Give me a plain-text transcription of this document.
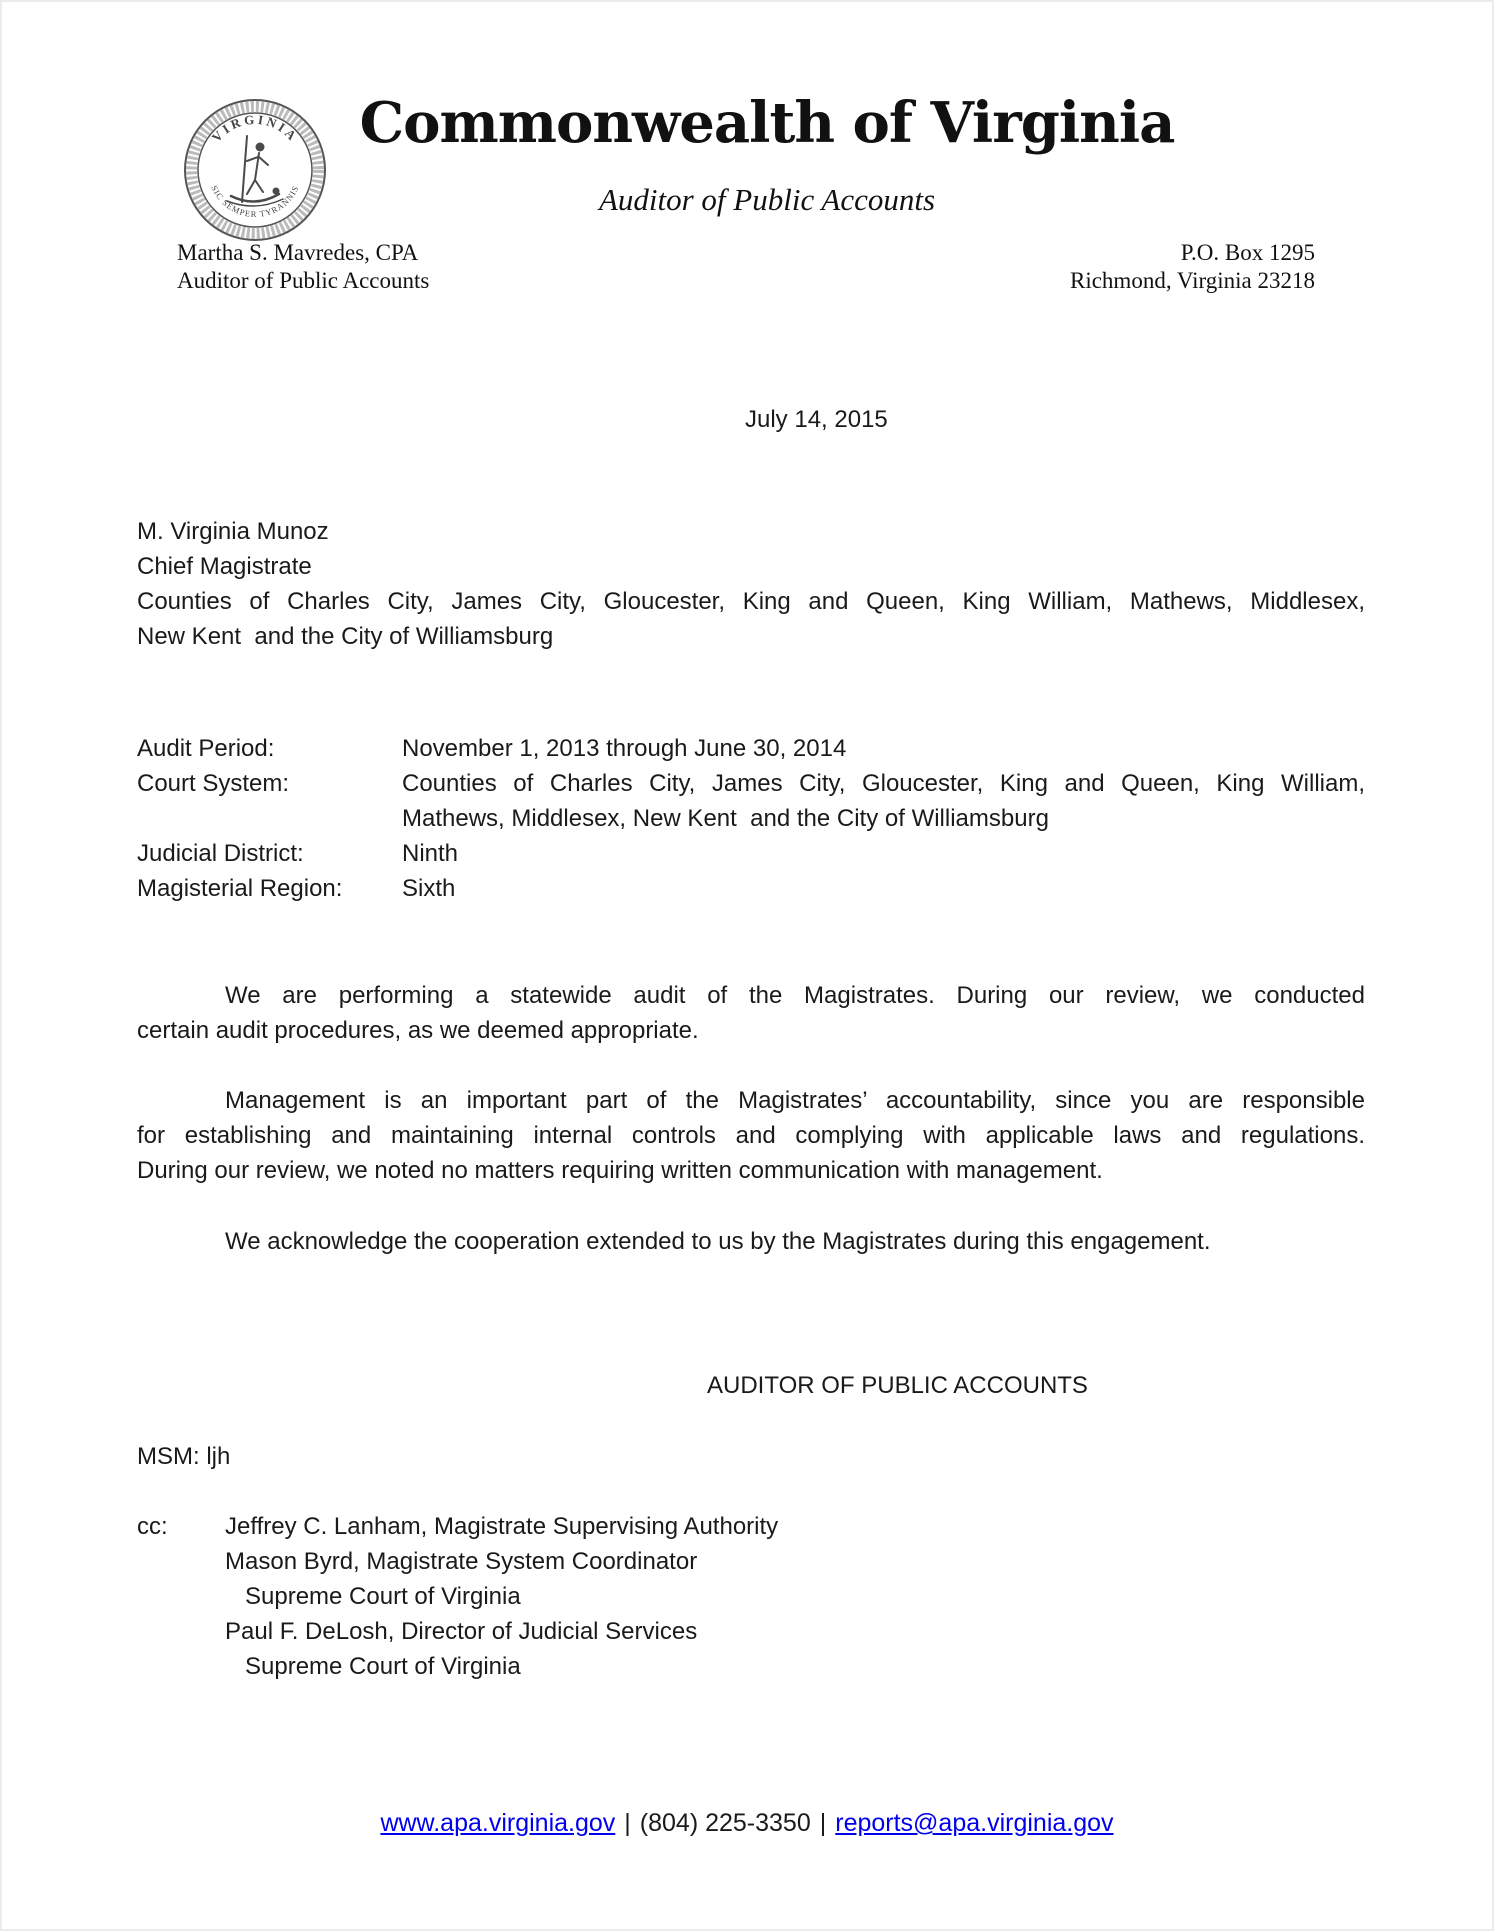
VIRGINIA
SIC SEMPER TYRANNIS
Commonwealth of Virginia
Auditor of Public Accounts
Martha S. Mavredes, CPA
Auditor of Public Accounts
P.O. Box 1295
Richmond, Virginia 23218
July 14, 2015
M. Virginia Munoz
Chief Magistrate
Counties of Charles City, James City, Gloucester, King and Queen, King William, Mathews, Middlesex,
New Kent  and the City of Williamsburg
Audit Period:	November 1, 2013 through June 30, 2014
Court System:	Counties of Charles City, James City, Gloucester, King and Queen, King William,
Mathews, Middlesex, New Kent  and the City of Williamsburg
Judicial District:	Ninth
Magisterial Region:	Sixth
We are performing a statewide audit of the Magistrates. During our review, we conducted
certain audit procedures, as we deemed appropriate.
Management is an important part of the Magistrates’ accountability, since you are responsible
for establishing and maintaining internal controls and complying with applicable laws and regulations.
During our review, we noted no matters requiring written communication with management.
We acknowledge the cooperation extended to us by the Magistrates during this engagement.
AUDITOR OF PUBLIC ACCOUNTS
MSM: ljh
cc:	Jeffrey C. Lanham, Magistrate Supervising Authority
Mason Byrd, Magistrate System Coordinator
Supreme Court of Virginia
Paul F. DeLosh, Director of Judicial Services
Supreme Court of Virginia
www.apa.virginia.gov | (804) 225-3350 | reports@apa.virginia.gov
